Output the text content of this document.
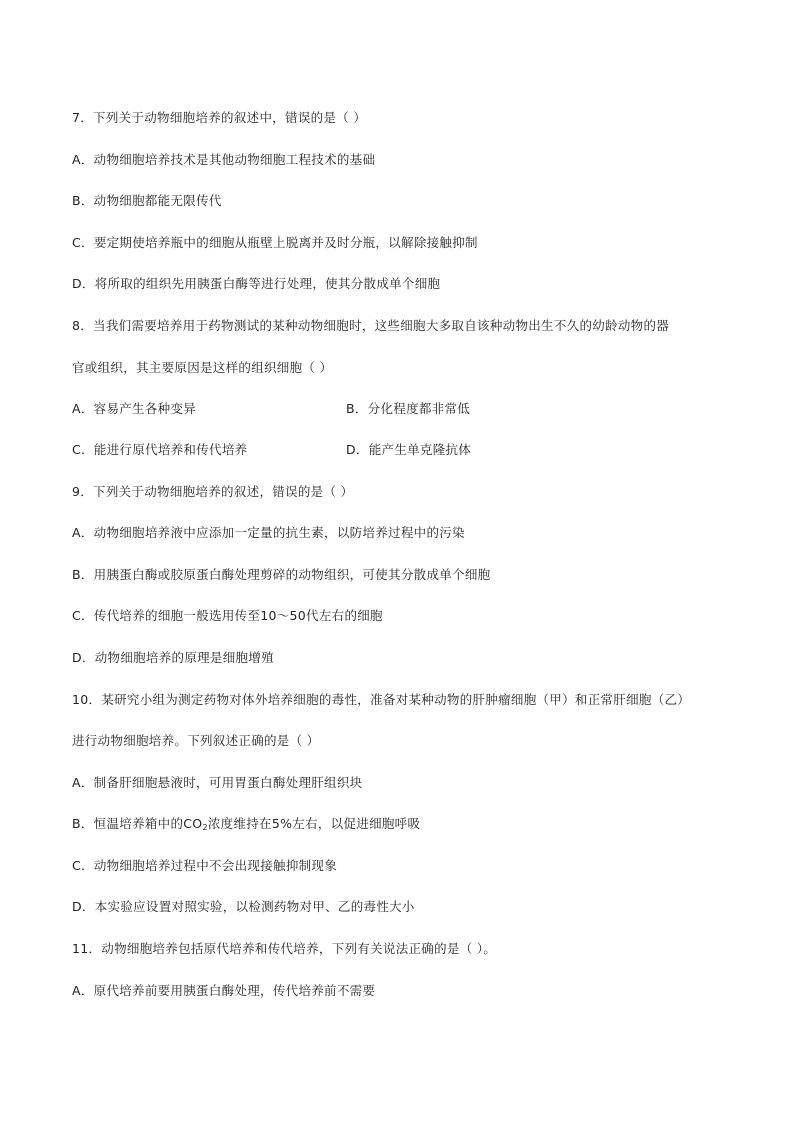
7．下列关于动物细胞培养的叙述中，错误的是（ ）
A．动物细胞培养技术是其他动物细胞工程技术的基础
B．动物细胞都能无限传代
C．要定期使培养瓶中的细胞从瓶壁上脱离并及时分瓶，以解除接触抑制
D．将所取的组织先用胰蛋白酶等进行处理，使其分散成单个细胞
8．当我们需要培养用于药物测试的某种动物细胞时，这些细胞大多取自该种动物出生不久的幼龄动物的器
官或组织，其主要原因是这样的组织细胞（ ）
A．容易产生各种变异	B．分化程度都非常低
C．能进行原代培养和传代培养	D．能产生单克隆抗体
9．下列关于动物细胞培养的叙述，错误的是（ ）
A．动物细胞培养液中应添加一定量的抗生素，以防培养过程中的污染
B．用胰蛋白酶或胶原蛋白酶处理剪碎的动物组织，可使其分散成单个细胞
C．传代培养的细胞一般选用传至10～50代左右的细胞
D．动物细胞培养的原理是细胞增殖
10．某研究小组为测定药物对体外培养细胞的毒性，准备对某种动物的肝肿瘤细胞（甲）和正常肝细胞（乙）
进行动物细胞培养。下列叙述正确的是（ ）
A．制备肝细胞悬液时，可用胃蛋白酶处理肝组织块
B．恒温培养箱中的$CO_2$浓度维持在5%左右，以促进细胞呼吸
C．动物细胞培养过程中不会出现接触抑制现象
D．本实验应设置对照实验，以检测药物对甲、乙的毒性大小
11．动物细胞培养包括原代培养和传代培养，下列有关说法正确的是（ ）。
A．原代培养前要用胰蛋白酶处理，传代培养前不需要
